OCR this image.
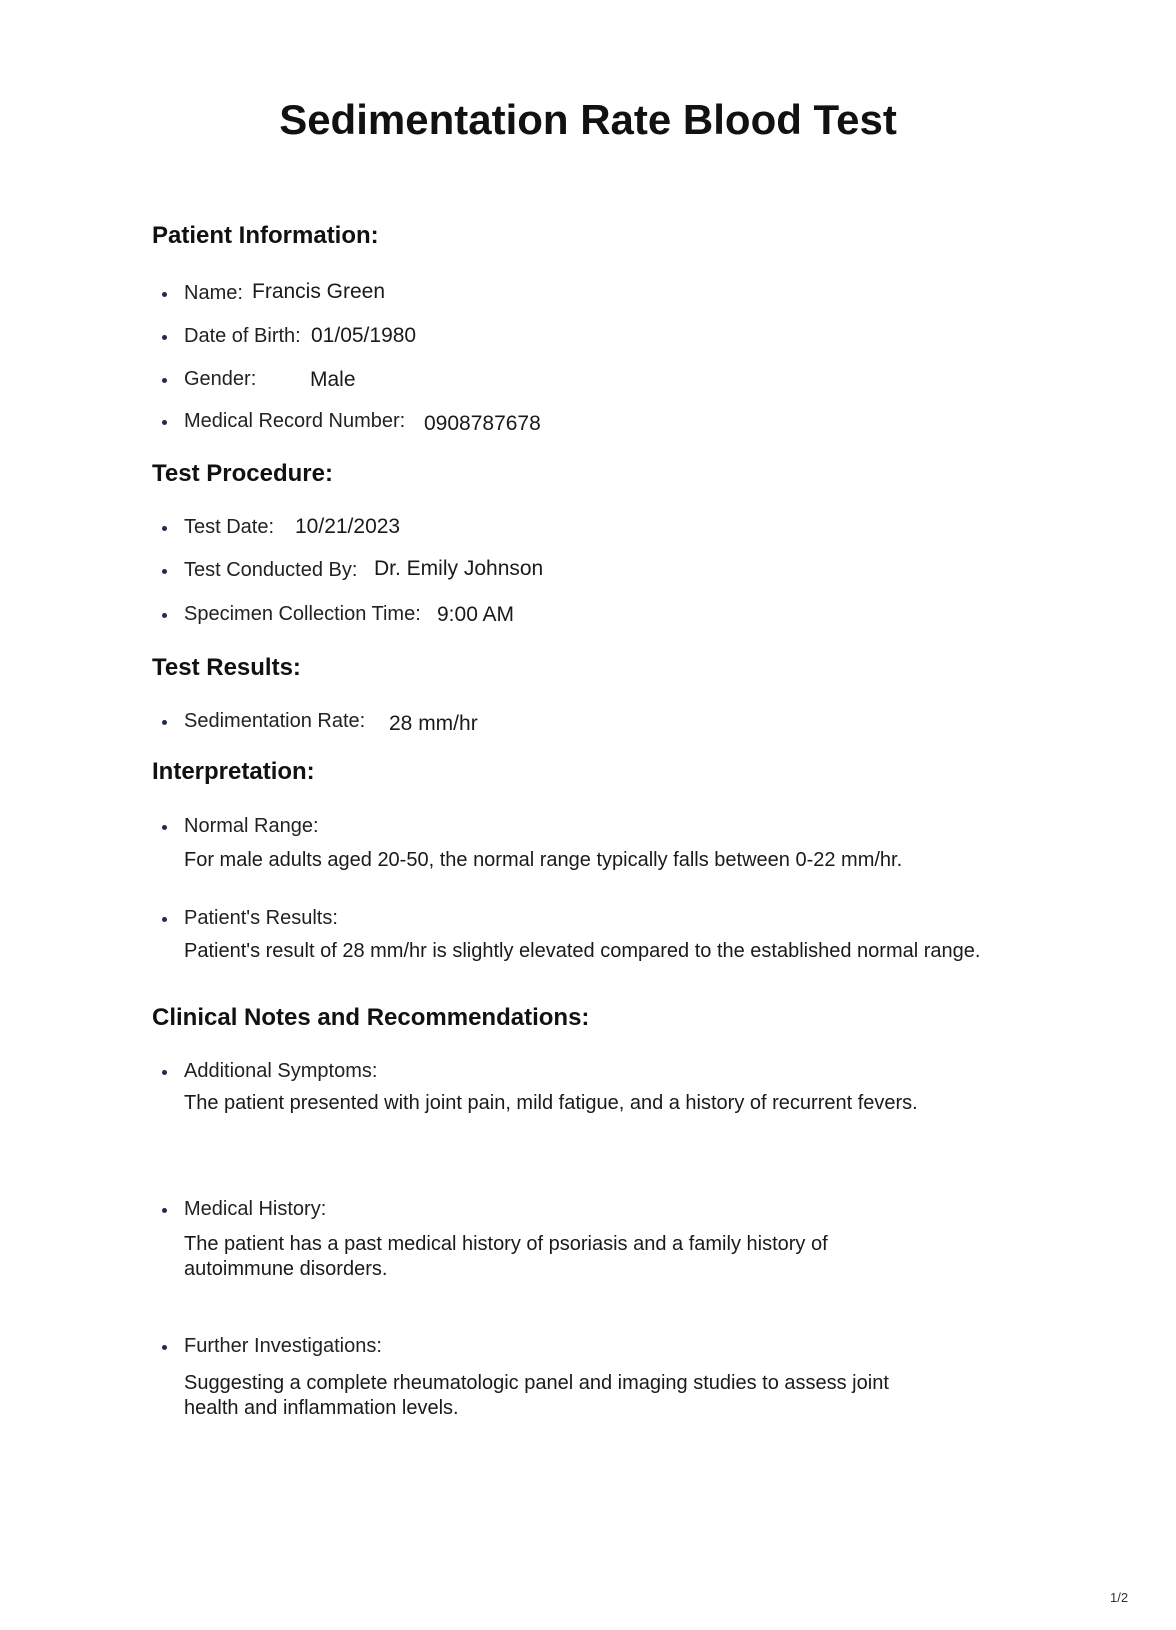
Sedimentation Rate Blood Test
Patient Information:
Name: Francis Green
Date of Birth: 01/05/1980
Gender:	Male
Medical Record Number: 0908787678
Test Procedure:
Test Date: 10/21/2023
Test Conducted By: Dr. Emily Johnson
Specimen Collection Time: 9:00 AM
Test Results:
Sedimentation Rate: 28 mm/hr
Interpretation:
Normal Range:
For male adults aged 20-50, the normal range typically falls between 0-22 mm/hr.
Patient's Results:
Patient's result of 28 mm/hr is slightly elevated compared to the established normal range.
Clinical Notes and Recommendations:
Additional Symptoms:
The patient presented with joint pain, mild fatigue, and a history of recurrent fevers.
Medical History:
The patient has a past medical history of psoriasis and a family history of autoimmune disorders.
Further Investigations:
Suggesting a complete rheumatologic panel and imaging studies to assess joint health and inflammation levels.
1/2
